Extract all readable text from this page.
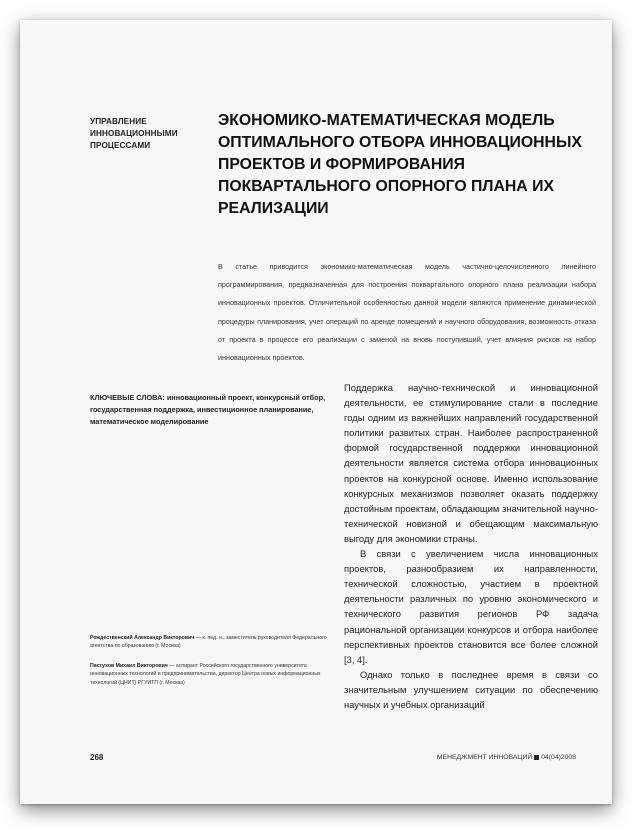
УПРАВЛЕНИЕ ИННОВАЦИОННЫМИ ПРОЦЕССАМИ
ЭКОНОМИКО-МАТЕМАТИЧЕСКАЯ МОДЕЛЬ ОПТИМАЛЬНОГО ОТБОРА ИННОВАЦИОННЫХ ПРОЕКТОВ И ФОРМИРОВАНИЯ ПОКВАРТАЛЬНОГО ОПОРНОГО ПЛАНА ИХ РЕАЛИЗАЦИИ
В статье приводится экономико-математическая модель частично-целочисленного линейного программирования, предназначенная для построения поквартального опорного плана реализации набора инновационных проектов. Отличительной особенностью данной модели являются применение динамической процедуры планирования, учет операций по аренде помещений и научного оборудования, возможность отказа от проекта в процессе его реализации с заменой на вновь поступивший, учет влияния рисков на набор инновационных проектов.
КЛЮЧЕВЫЕ СЛОВА: инновационный проект, конкурсный отбор, государственная поддержка, инвестиционное планирование, математическое моделирование

Поддержка научно-технической и инновационной деятельности, ее стимулирование стали в последние годы одним из важнейших направлений государственной политики развитых стран. Наиболее распространенной формой государственной поддержки инновационной деятельности является система отбора инновационных проектов на конкурсной основе. Именно использование конкурсных механизмов позволяет оказать поддержку достойным проектам, обладающим значительной научно-технической новизной и обещающим максимальную выгоду для экономики страны.

В связи с увеличением числа инновационных проектов, разнообразием их направленности, технической сложностью, участием в проектной деятельности различных по уровню экономического и технического развития регионов РФ задача рациональной организации конкурсов и отбора наиболее перспективных проектов становится все более сложной [3, 4].

Однако только в последнее время в связи со значительным улучшением ситуации по обеспечению научных и учебных организаций

Рождественский Александр Викторович — к. пед. н., заместитель руководителя Федерального агентства по образованию (г. Москва)
Пастухов Михаил Викторович — аспирант Российского государственного университета инновационных технологий и предпринимательства, директор Центра новых информационных технологий (ЦНИТ) РГУИТП (г. Москва)
268	МЕНЕДЖМЕНТ ИННОВАЦИЙ 04(04)2008
